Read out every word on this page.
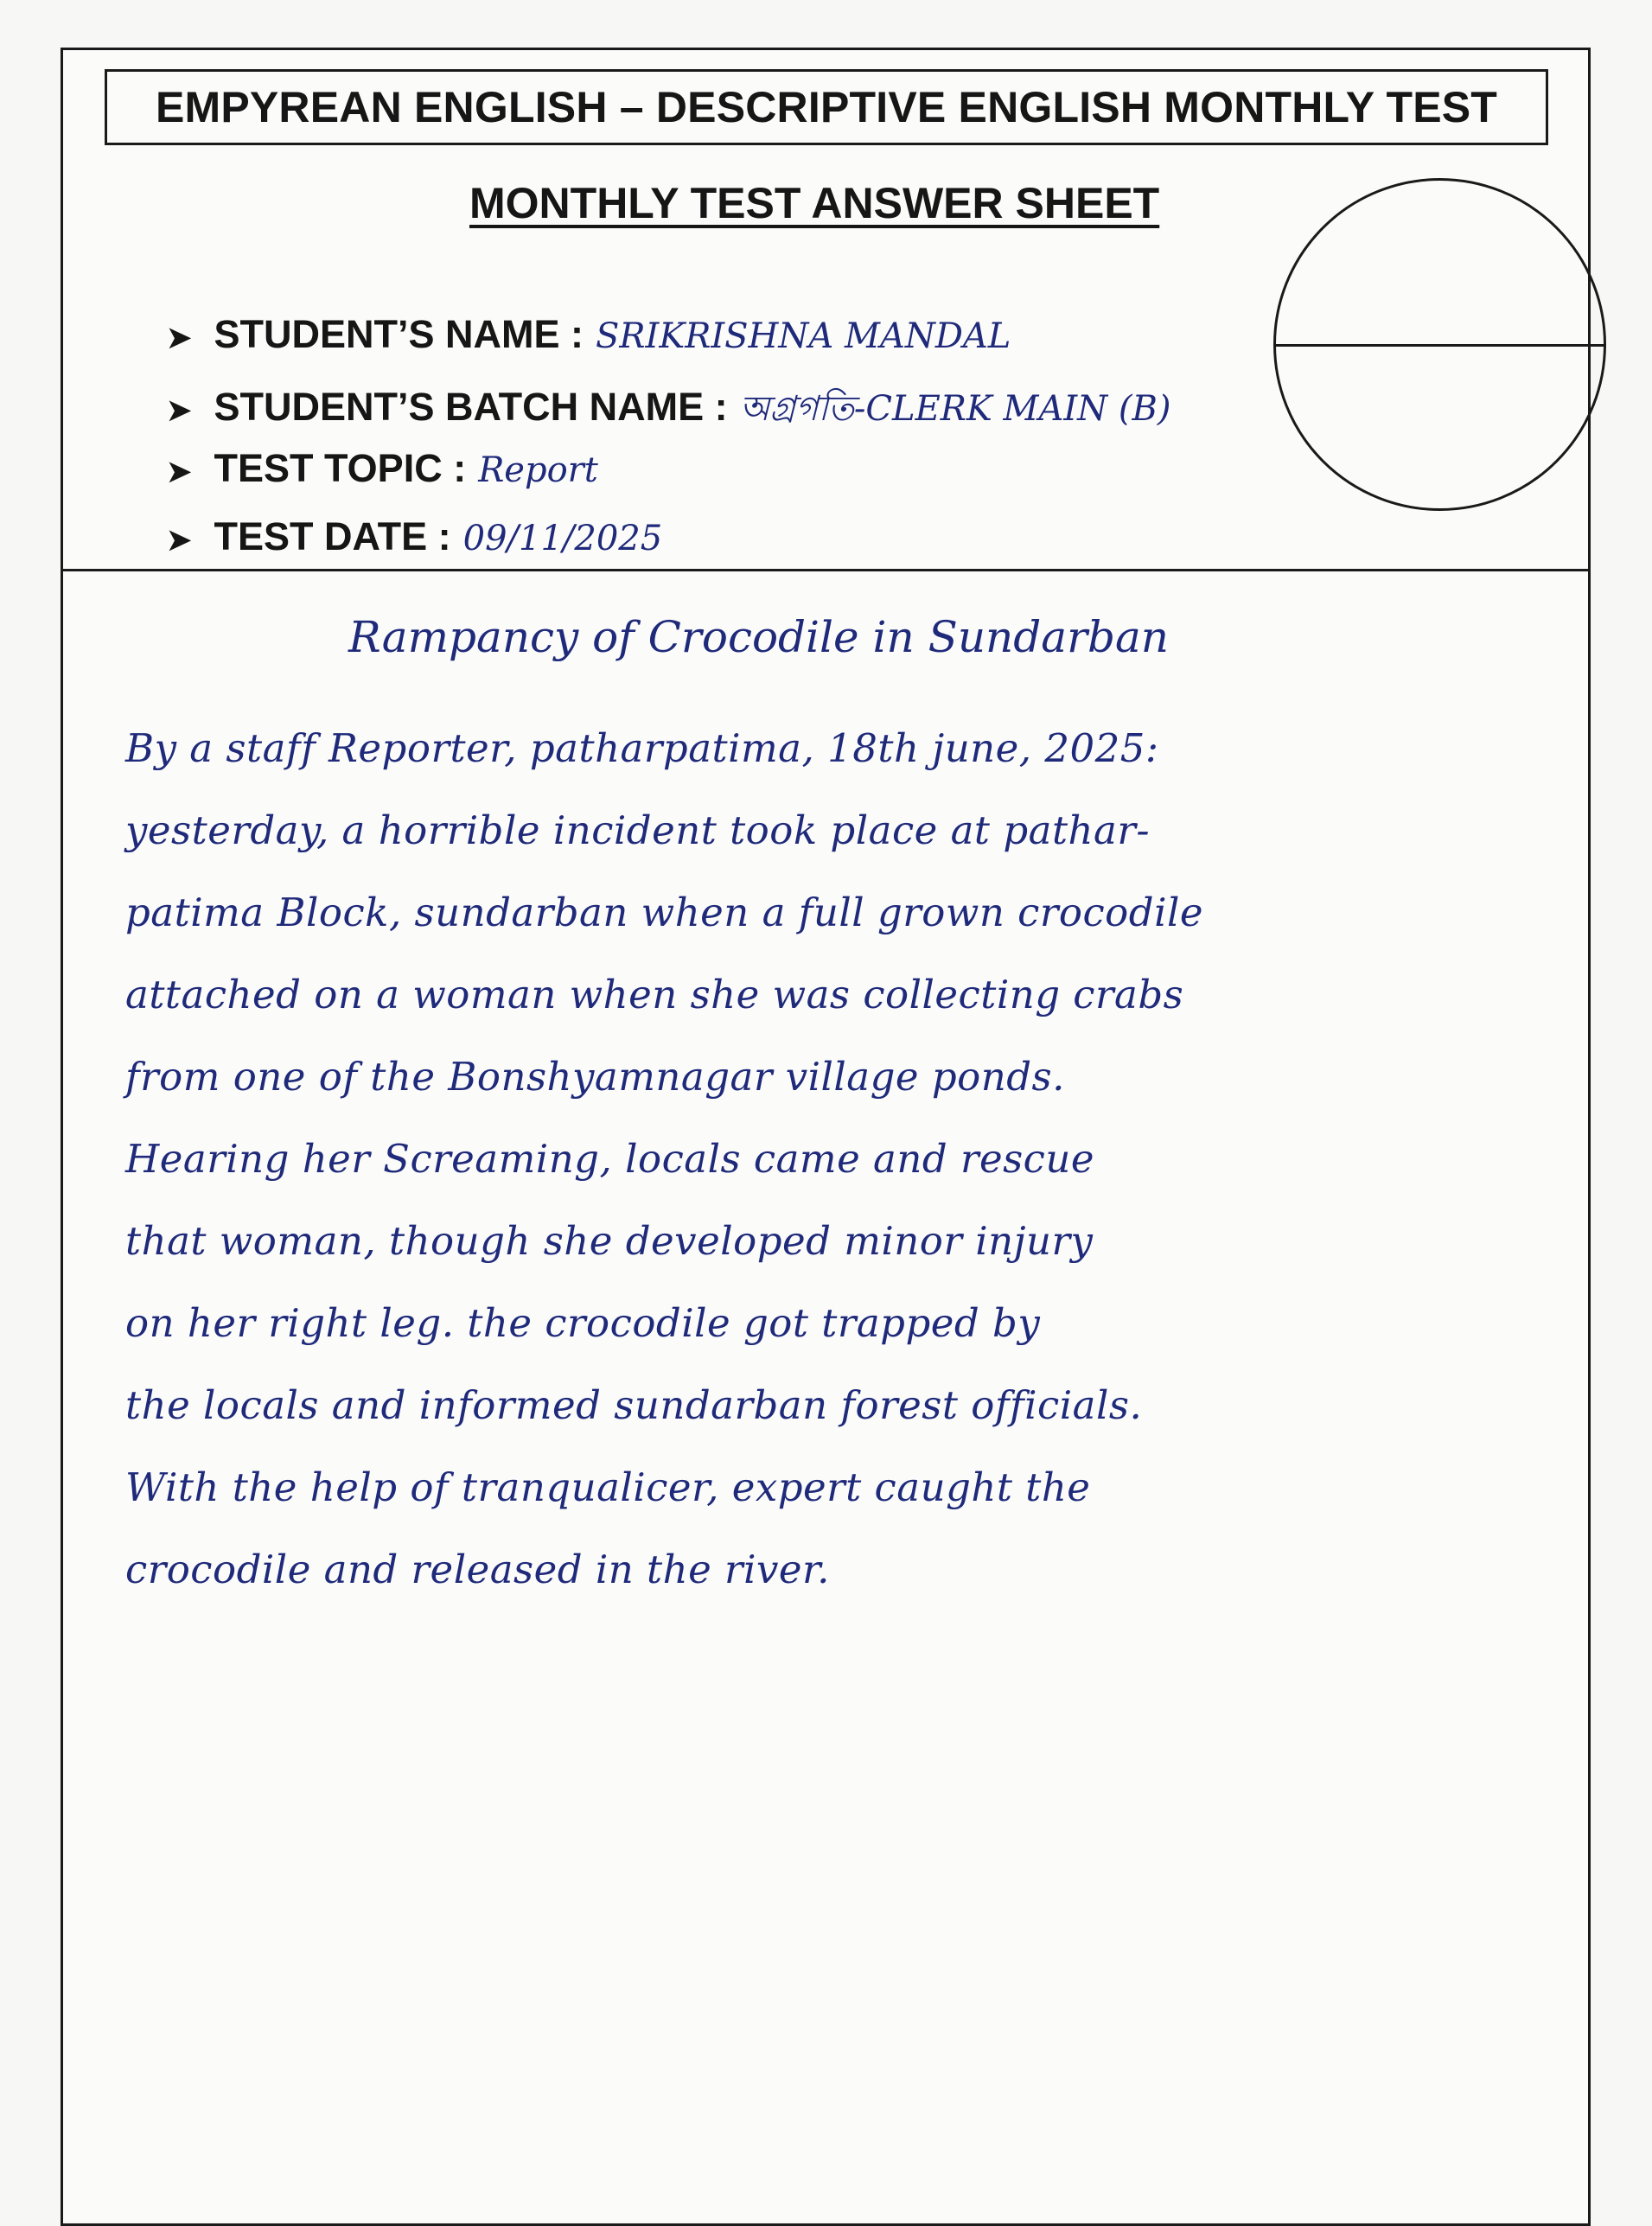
EMPYREAN ENGLISH – DESCRIPTIVE ENGLISH MONTHLY TEST
MONTHLY TEST ANSWER SHEET
➤ STUDENT’S NAME : SRIKRISHNA MANDAL
➤ STUDENT’S BATCH NAME : অগ্রগতি-CLERK MAIN (B)
➤ TEST TOPIC : Report
➤ TEST DATE : 09/11/2025
Rampancy of Crocodile in Sundarban
By a staff Reporter, patharpatima, 18th june, 2025:
yesterday, a horrible incident took place at pathar-
patima Block, sundarban when a full grown crocodile
attached on a woman when she was collecting crabs
from one of the Bonshyamnagar village ponds.
Hearing her Screaming, locals came and rescue
that woman, though she developed minor injury
on her right leg. the crocodile got trapped by
the locals and informed sundarban forest officials.
With the help of tranqualicer, expert caught the
crocodile and released in the river.
